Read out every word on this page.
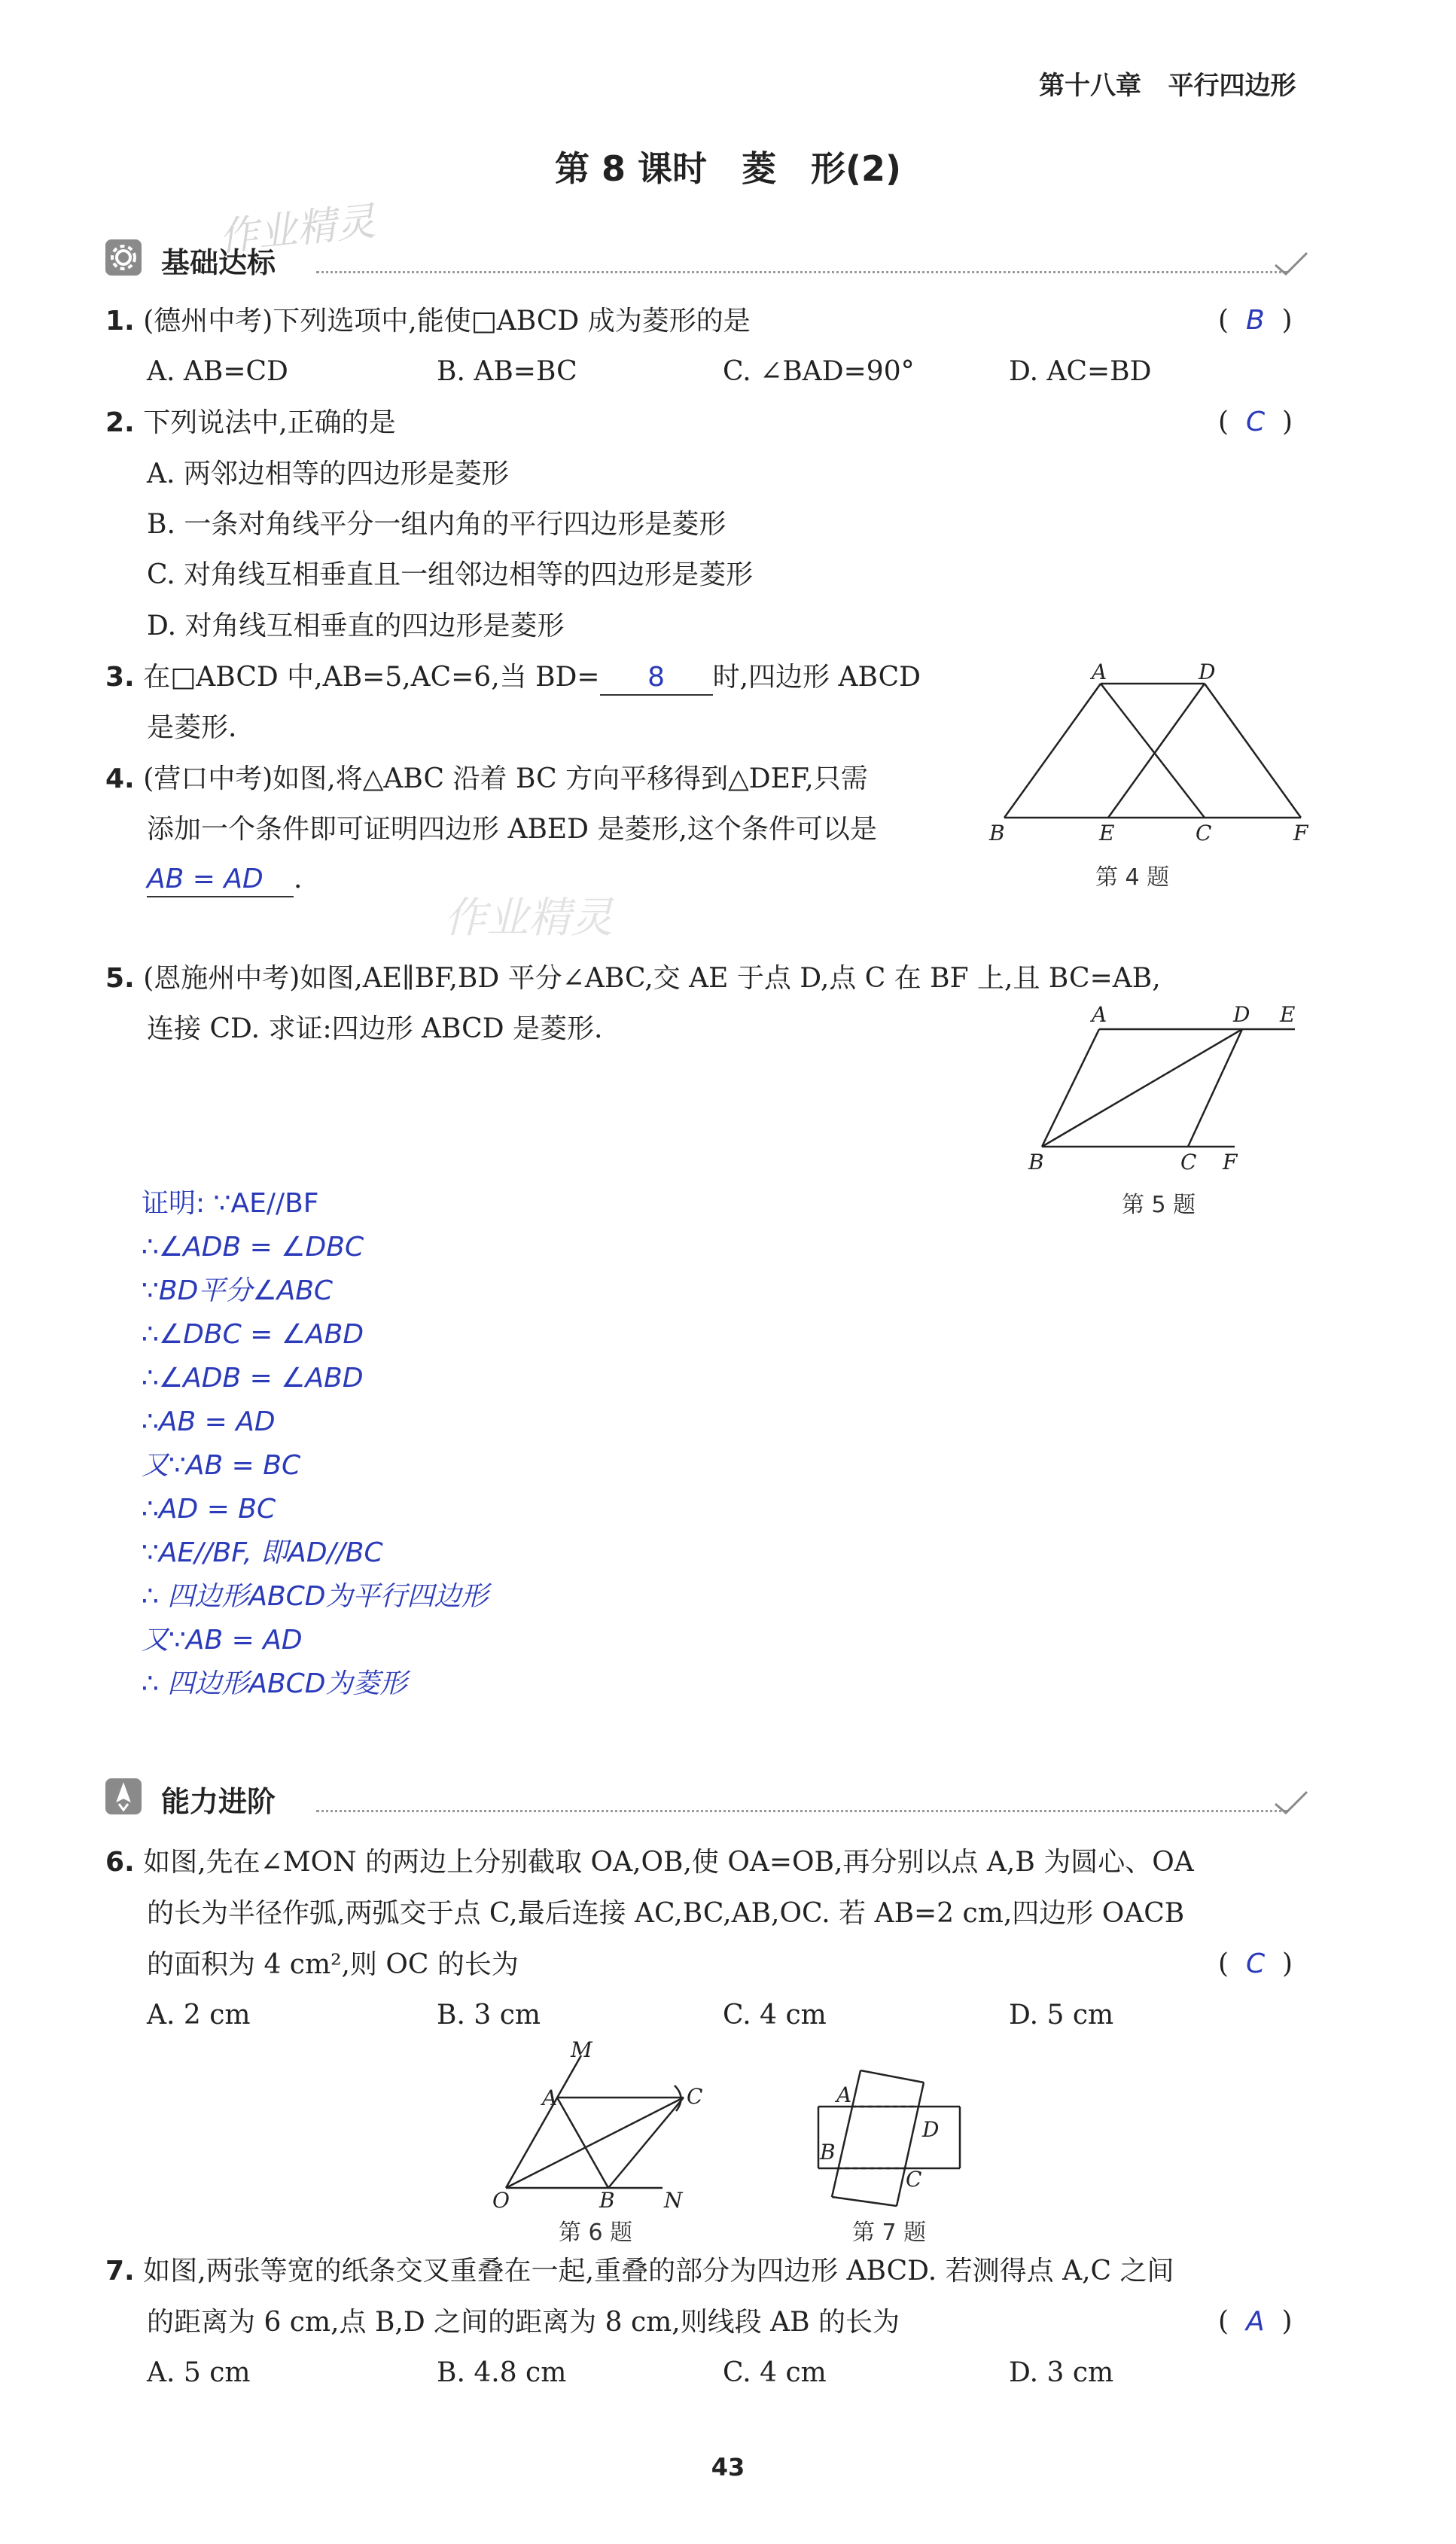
第十八章 平行四边形
第 8 课时　菱　形(2)
作业精灵
作业精灵
基础达标
1. (德州中考)下列选项中,能使□ABCD 成为菱形的是	(  B  )
A. AB=CD	B. AB=BC	C. ∠BAD=90°	D. AC=BD
2. 下列说法中,正确的是	(  C  )
A. 两邻边相等的四边形是菱形
B. 一条对角线平分一组内角的平行四边形是菱形
C. 对角线互相垂直且一组邻边相等的四边形是菱形
D. 对角线互相垂直的四边形是菱形
3. 在□ABCD 中,AB=5,AC=6,当 BD= 8 时,四边形 ABCD
是菱形.
4. (营口中考)如图,将△ABC 沿着 BC 方向平移得到△DEF,只需
添加一个条件即可证明四边形 ABED 是菱形,这个条件可以是
AB = AD .
A	D
B	E	C	F
第 4 题
5. (恩施州中考)如图,AE∥BF,BD 平分∠ABC,交 AE 于点 D,点 C 在 BF 上,且 BC=AB,
连接 CD. 求证:四边形 ABCD 是菱形.	A	D E
B	C F
第 5 题
证明: ∵AE//BF
∴∠ADB = ∠DBC
∵BD平分∠ABC
∴∠DBC = ∠ABD
∴∠ADB = ∠ABD
∴AB = AD
又∵AB = BC
∴AD = BC
∵AE//BF, 即AD//BC
∴ 四边形ABCD为平行四边形
又∵AB = AD
∴ 四边形ABCD为菱形
能力进阶
6. 如图,先在∠MON 的两边上分别截取 OA,OB,使 OA=OB,再分别以点 A,B 为圆心、OA
的长为半径作弧,两弧交于点 C,最后连接 AC,BC,AB,OC. 若 AB=2 cm,四边形 OACB
的面积为 4 cm²,则 OC 的长为	(  C  )
A. 2 cm	B. 3 cm	C. 4 cm	D. 5 cm
M
A	C
O	B N
第 6 题
A
D
B
C
第 7 题
7. 如图,两张等宽的纸条交叉重叠在一起,重叠的部分为四边形 ABCD. 若测得点 A,C 之间
的距离为 6 cm,点 B,D 之间的距离为 8 cm,则线段 AB 的长为	(  A  )
A. 5 cm	B. 4.8 cm	C. 4 cm	D. 3 cm
43
